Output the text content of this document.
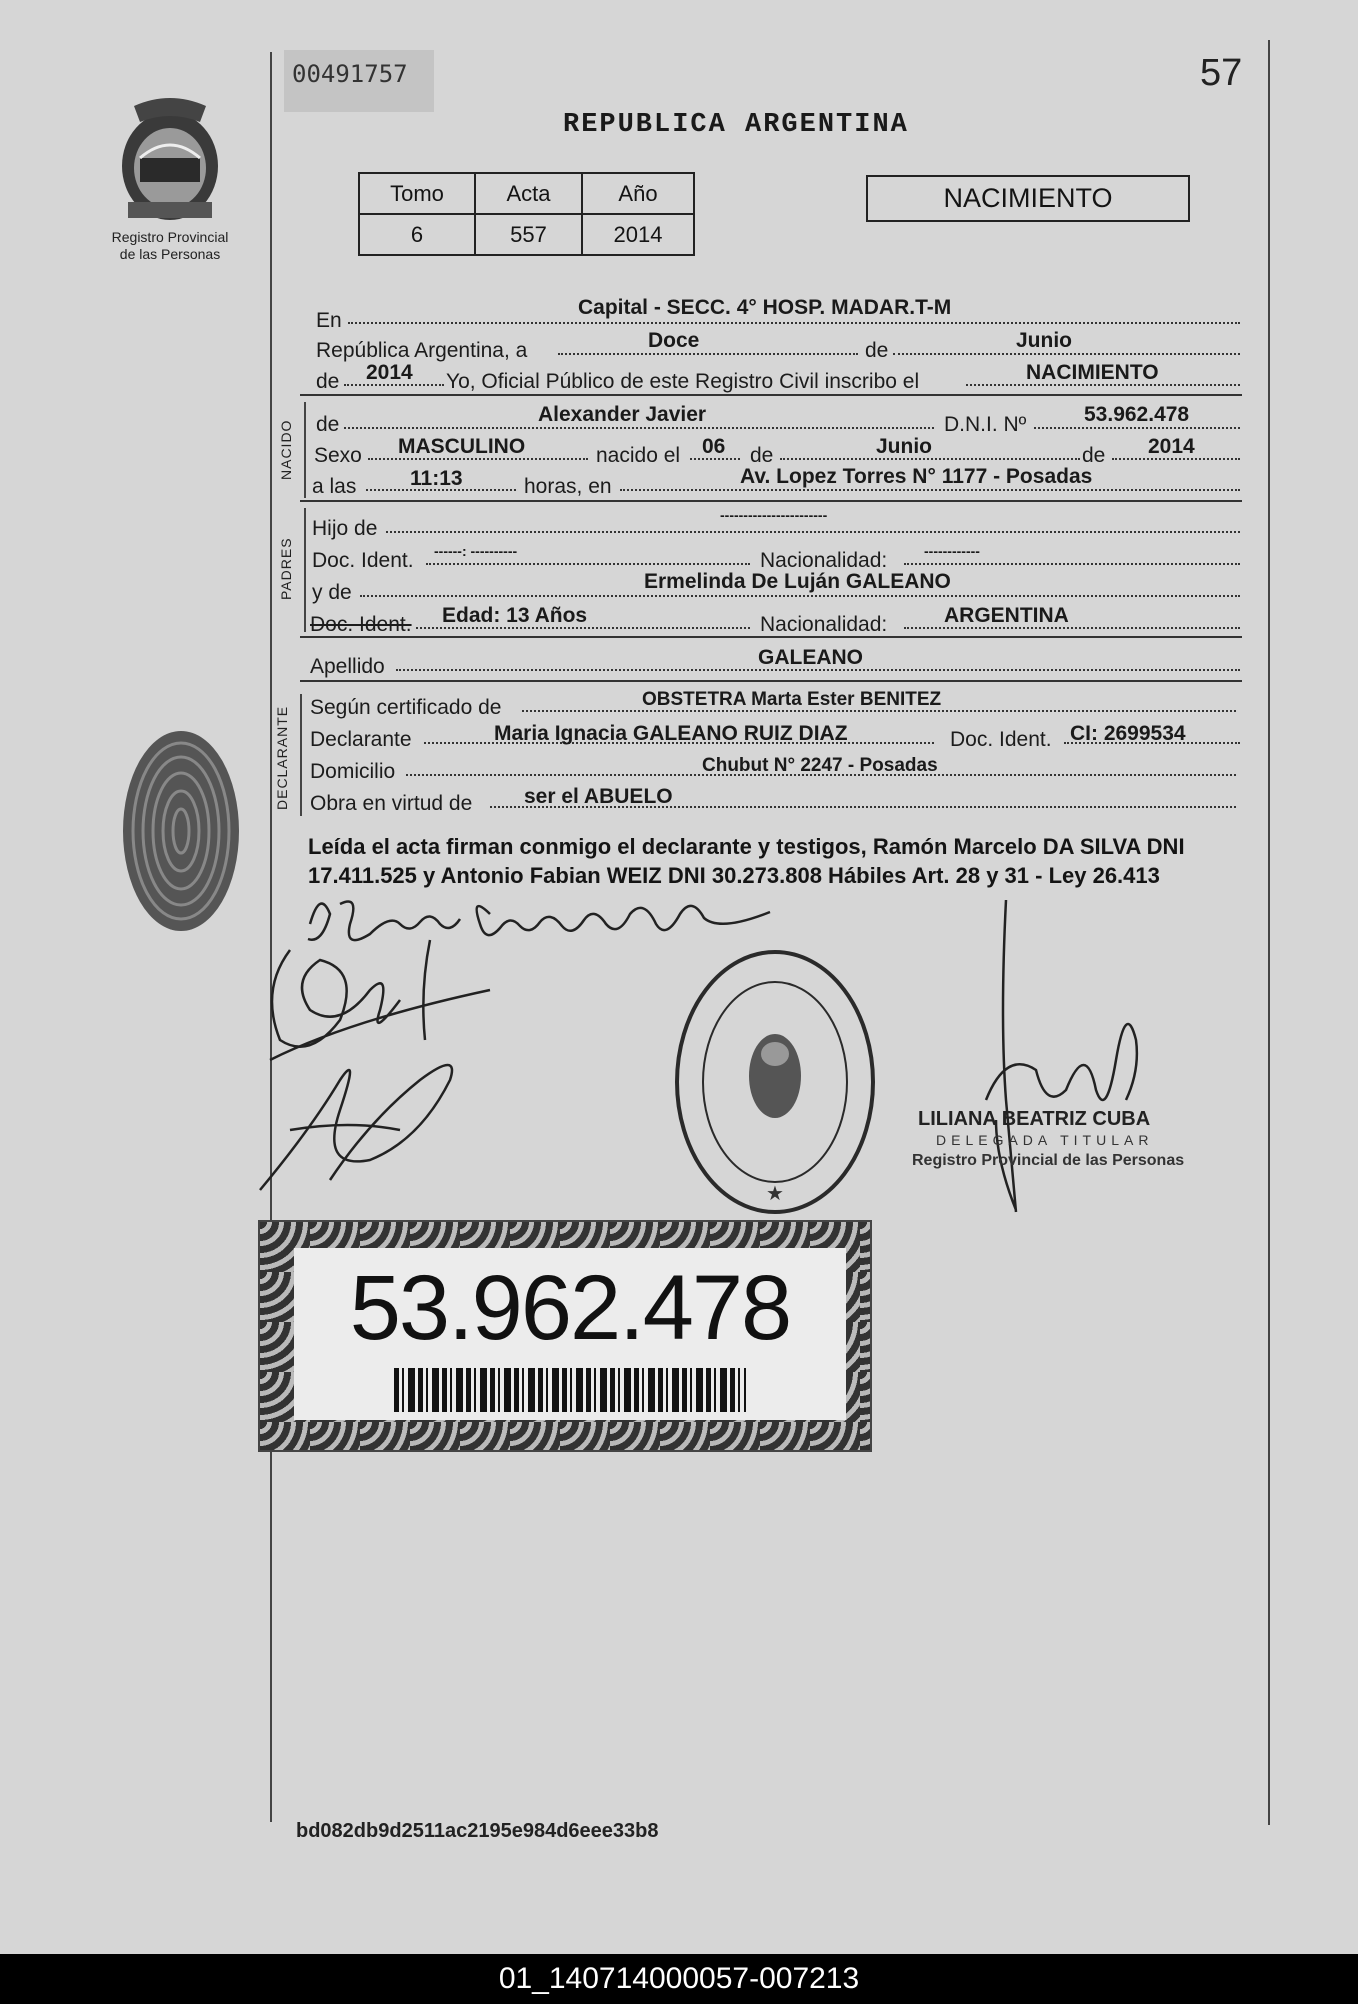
00491757	57
REPUBLICA ARGENTINA
Registro Provincial
de las Personas
Tomo	Acta	Año
6	557	2014
NACIMIENTO
En
Capital - SECC. 4° HOSP. MADAR.T-M
República Argentina, a	Doce	de	Junio
de 2014 Yo, Oficial Público de este Registro Civil inscribo el	NACIMIENTO
NACIDO de	Alexander Javier	D.N.I. Nº	53.962.478
Sexo MASCULINO	nacido el 06 de	Junio	de 2014
a las	11:13	horas, en	Av. Lopez Torres N° 1177 - Posadas
PADRES
Hijo de
-----------------------
Doc. Ident. ------: ----------	Nacionalidad:	------------
y de	Ermelinda De Luján GALEANO
Doc. Ident. Edad: 13 Años	Nacionalidad:	ARGENTINA
Apellido	GALEANO
DECLARANTE Según certificado de	OBSTETRA Marta Ester BENITEZ
Declarante	Maria Ignacia GALEANO RUIZ DIAZ	Doc. Ident. CI: 2699534
Domicilio	Chubut N° 2247 - Posadas
Obra en virtud de ser el ABUELO
Leída el acta firman conmigo el declarante y testigos, Ramón Marcelo DA SILVA DNI
17.411.525 y Antonio Fabian WEIZ DNI 30.273.808 Hábiles Art. 28 y 31 - Ley 26.413
★
LILIANA BEATRIZ CUBA
DELEGADA TITULAR
Registro Provincial de las Personas
53.962.478
bd082db9d2511ac2195e984d6eee33b8
01_140714000057-007213
